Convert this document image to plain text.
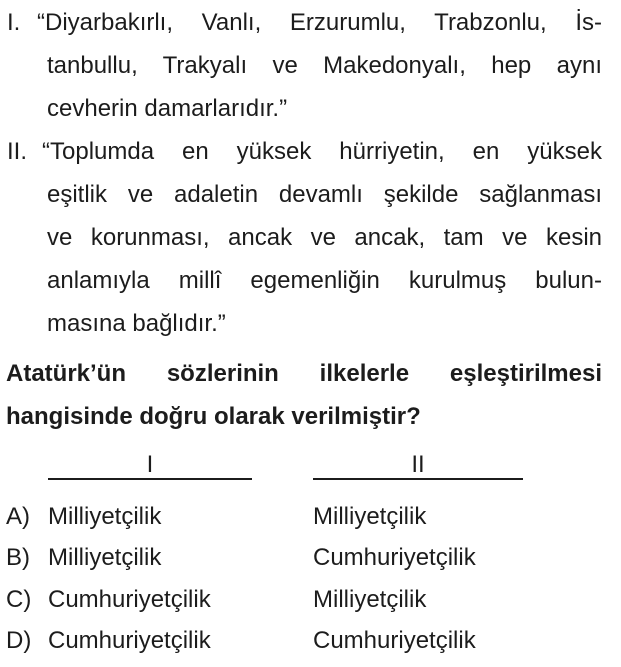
I. “Diyarbakırlı, Vanlı, Erzurumlu, Trabzonlu, İs-
tanbullu, Trakyalı ve Makedonyalı, hep aynı
cevherin damarlarıdır.”
II. “Toplumda en yüksek hürriyetin, en yüksek
eşitlik ve adaletin devamlı şekilde sağlanması
ve korunması, ancak ve ancak, tam ve kesin
anlamıyla millî egemenliğin kurulmuş bulun-
masına bağlıdır.”
Atatürk’ün sözlerinin ilkelerle eşleştirilmesi
hangisinde doğru olarak verilmiştir?
I	II
A) Milliyetçilik	Milliyetçilik
B) Milliyetçilik	Cumhuriyetçilik
C) Cumhuriyetçilik	Milliyetçilik
D) Cumhuriyetçilik	Cumhuriyetçilik
